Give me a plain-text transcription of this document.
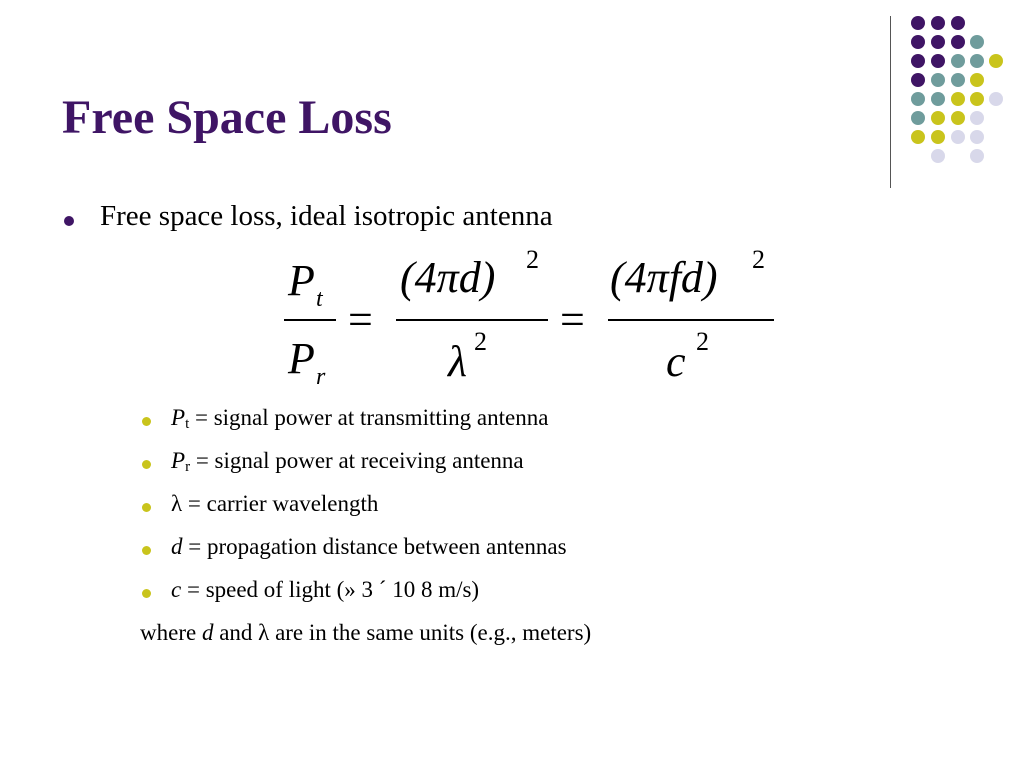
Free Space Loss
Free space loss, ideal isotropic antenna
P t
P r
=
(4πd) 2
λ 2 =
(4πfd) 2
c 2
$P_t$ = signal power at transmitting antenna
$P_r$ = signal power at receiving antenna
λ = carrier wavelength
d = propagation distance between antennas
c = speed of light (» 3 ´ 10 8 m/s)
where d and λ are in the same units (e.g., meters)
